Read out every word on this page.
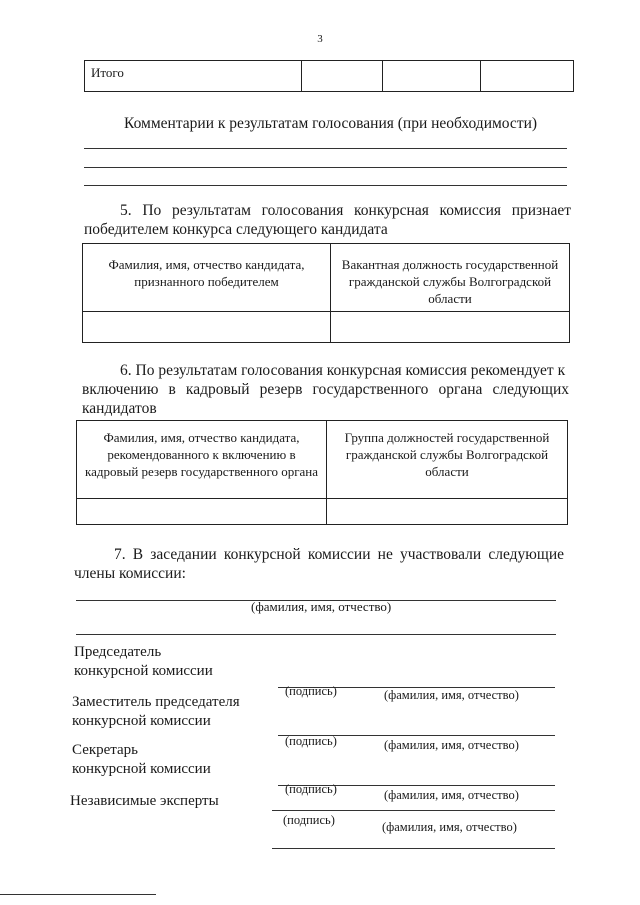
3
Итого			
Комментарии к результатам голосования (при необходимости)
5. По результатам голосования конкурсная комиссия признает
победителем конкурса следующего кандидата
Фамилия, имя, отчество кандидата, признанного победителем	Вакантная должность государственной гражданской службы Волгоградской области

6. По результатам голосования конкурсная комиссия рекомендует к
включению в кадровый резерв государственного органа следующих
кандидатов
Фамилия, имя, отчество кандидата, рекомендованного к включению в кадровый резерв государственного органа	Группа должностей государственной гражданской службы Волгоградской области

7. В заседании конкурсной комиссии не участвовали следующие
члены комиссии:
(фамилия, имя, отчество)
Председатель
конкурсной комиссии
(подпись)	(фамилия, имя, отчество)
Заместитель председателя
конкурсной комиссии
(подпись)	(фамилия, имя, отчество)
Секретарь
конкурсной комиссии
(подпись)	(фамилия, имя, отчество)
Независимые эксперты
(подпись)	(фамилия, имя, отчество)
